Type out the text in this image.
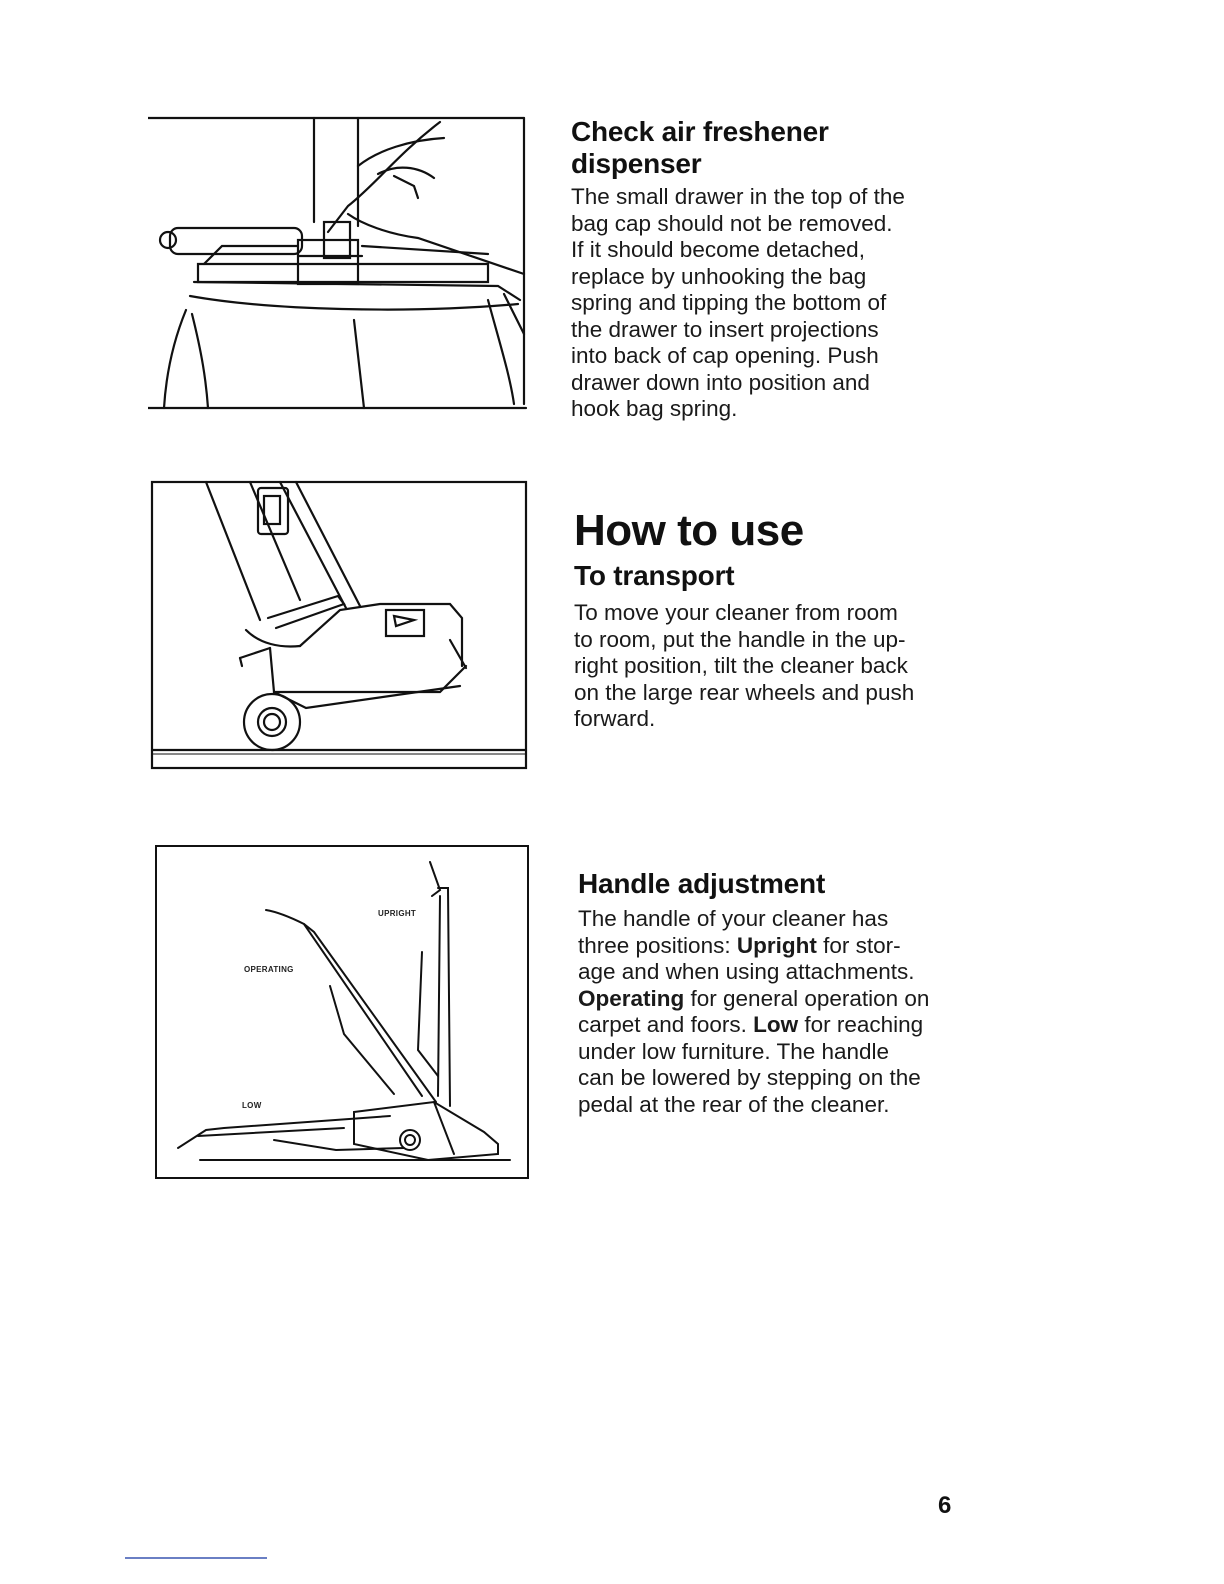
Check air freshener
dispenser

The small drawer in the top of the
bag cap should not be removed.
If it should become detached,
replace by unhooking the bag
spring and tipping the bottom of
the drawer to insert projections
into back of cap opening. Push
drawer down into position and
hook bag spring.

How to use
To transport

To move your cleaner from room
to room, put the handle in the up-
right position, tilt the cleaner back
on the large rear wheels and push
forward.

UPRIGHT
OPERATING
LOW
Handle adjustment

The handle of your cleaner has
three positions: Upright for stor-
age and when using attachments.
Operating for general operation on
carpet and foors. Low for reaching
under low furniture. The handle
can be lowered by stepping on the
pedal at the rear of the cleaner.

6
